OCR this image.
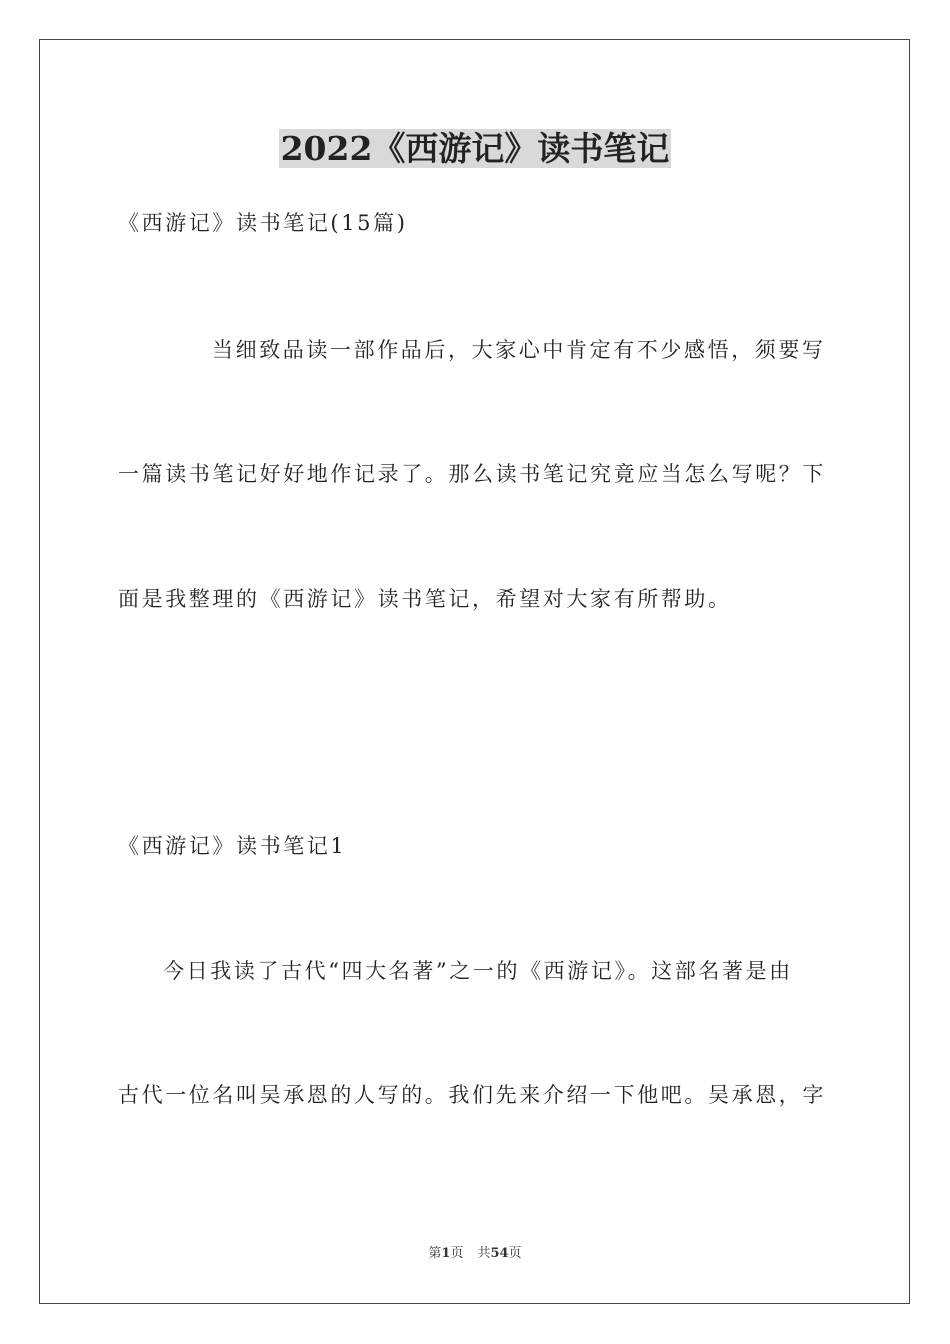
2022《西游记》读书笔记
《西游记》读书笔记(15篇)
当细致品读一部作品后，大家心中肯定有不少感悟，须要写
一篇读书笔记好好地作记录了。那么读书笔记究竟应当怎么写呢？下
面是我整理的《西游记》读书笔记，希望对大家有所帮助。
《西游记》读书笔记1
今日我读了古代“四大名著”之一的《西游记》。这部名著是由
古代一位名叫吴承恩的人写的。我们先来介绍一下他吧。吴承恩，字
第1页 共54页
